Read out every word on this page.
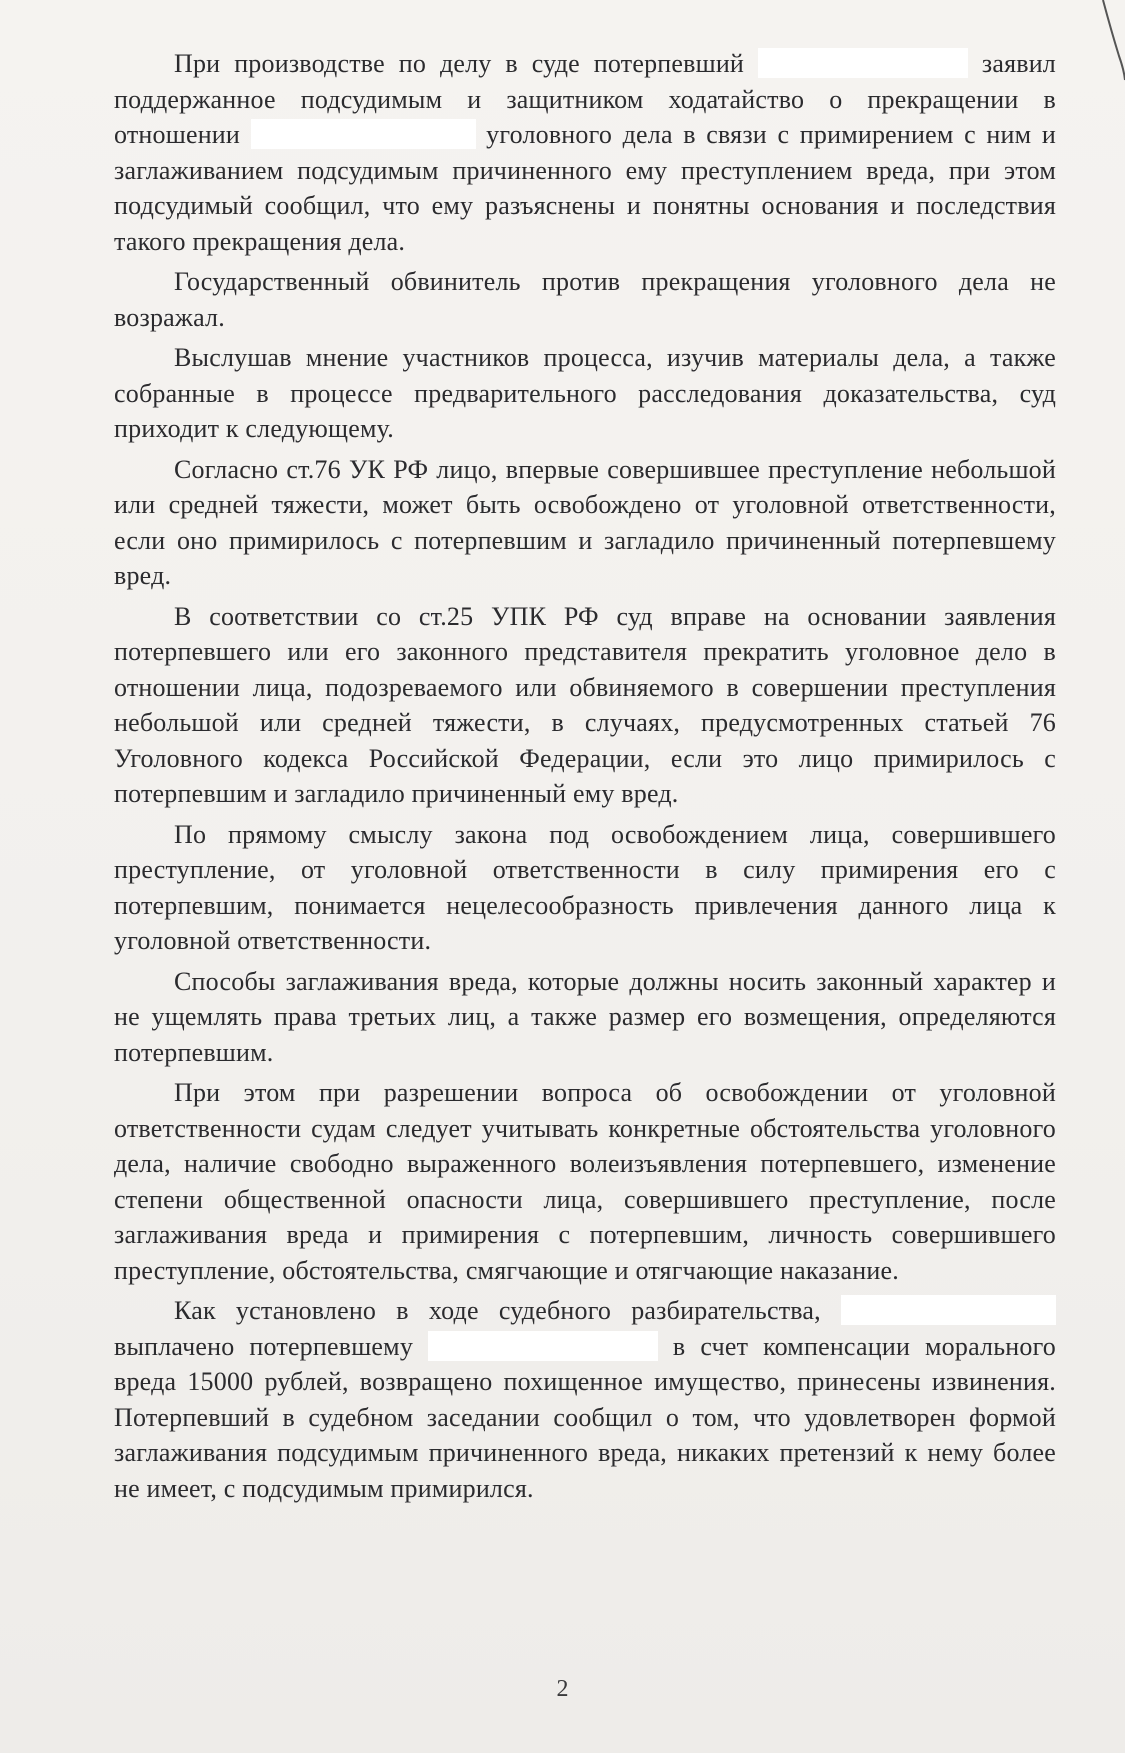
При производстве по делу в суде потерпевший	заявил поддержанное подсудимым и защитником ходатайство о прекращении в отношении	уголовного дела в связи с примирением с ним и заглаживанием подсудимым причиненного ему преступлением вреда, при этом подсудимый сообщил, что ему разъяснены и понятны основания и последствия такого прекращения дела.

Государственный обвинитель против прекращения уголовного дела не возражал.

Выслушав мнение участников процесса, изучив материалы дела, а также собранные в процессе предварительного расследования доказательства, суд приходит к следующему.

Согласно ст.76 УК РФ лицо, впервые совершившее преступление небольшой или средней тяжести, может быть освобождено от уголовной ответственности, если оно примирилось с потерпевшим и загладило причиненный потерпевшему вред.

В соответствии со ст.25 УПК РФ суд вправе на основании заявления потерпевшего или его законного представителя прекратить уголовное дело в отношении лица, подозреваемого или обвиняемого в совершении преступления небольшой или средней тяжести, в случаях, предусмотренных статьей 76 Уголовного кодекса Российской Федерации, если это лицо примирилось с потерпевшим и загладило причиненный ему вред.

По прямому смыслу закона под освобождением лица, совершившего преступление, от уголовной ответственности в силу примирения его с потерпевшим, понимается нецелесообразность привлечения данного лица к уголовной ответственности.

Способы заглаживания вреда, которые должны носить законный характер и не ущемлять права третьих лиц, а также размер его возмещения, определяются потерпевшим.

При этом при разрешении вопроса об освобождении от уголовной ответственности судам следует учитывать конкретные обстоятельства уголовного дела, наличие свободно выраженного волеизъявления потерпевшего, изменение степени общественной опасности лица, совершившего преступление, после заглаживания вреда и примирения с потерпевшим, личность совершившего преступление, обстоятельства, смягчающие и отягчающие наказание.

Как установлено в ходе судебного разбирательства,  выплачено потерпевшему	в счет компенсации морального вреда 15000 рублей, возвращено похищенное имущество, принесены извинения. Потерпевший в судебном заседании сообщил о том, что удовлетворен формой заглаживания подсудимым причиненного вреда, никаких претензий к нему более не имеет, с подсудимым примирился.

2
